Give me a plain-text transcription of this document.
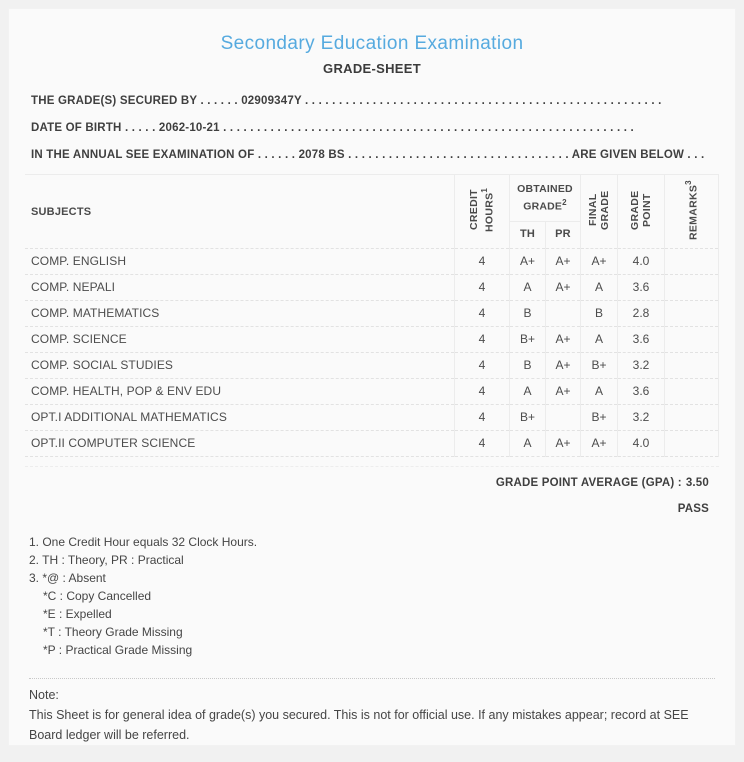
Secondary Education Examination
GRADE-SHEET
THE GRADE(S) SECURED BY . . . . . . 02909347Y . . . . . . . . . . . . . . . . . . . . . . . . . . . . . . . . . . . . . . . . . . . . . . . . . . . . .
DATE OF BIRTH . . . . . 2062-10-21 . . . . . . . . . . . . . . . . . . . . . . . . . . . . . . . . . . . . . . . . . . . . . . . . . . . . . . . . . . . . .
IN THE ANNUAL SEE EXAMINATION OF . . . . . . 2078 BS . . . . . . . . . . . . . . . . . . . . . . . . . . . . . . . . . ARE GIVEN BELOW . . .
SUBJECTS	CREDIT HOURS$^1$	OBTAINED GRADE$^2$		FINAL GRADE	GRADE POINT	REMARKS$^3$
		TH	PR			
COMP. ENGLISH	4	A+	A+	A+	4.0	
COMP. NEPALI	4	A	A+	A	3.6	
COMP. MATHEMATICS	4	B		B	2.8	
COMP. SCIENCE	4	B+	A+	A	3.6	
COMP. SOCIAL STUDIES	4	B	A+	B+	3.2	
COMP. HEALTH, POP & ENV EDU	4	A	A+	A	3.6	
OPT.I ADDITIONAL MATHEMATICS	4	B+		B+	3.2	
OPT.II COMPUTER SCIENCE	4	A	A+	A+	4.0	
GRADE POINT AVERAGE (GPA) : 3.50
PASS
1. One Credit Hour equals 32 Clock Hours.
2. TH : Theory, PR : Practical
3. *@ : Absent
*C : Copy Cancelled
*E : Expelled
*T : Theory Grade Missing
*P : Practical Grade Missing
Note:
This Sheet is for general idea of grade(s) you secured. This is not for official use. If any mistakes appear; record at SEE Board ledger will be referred.
